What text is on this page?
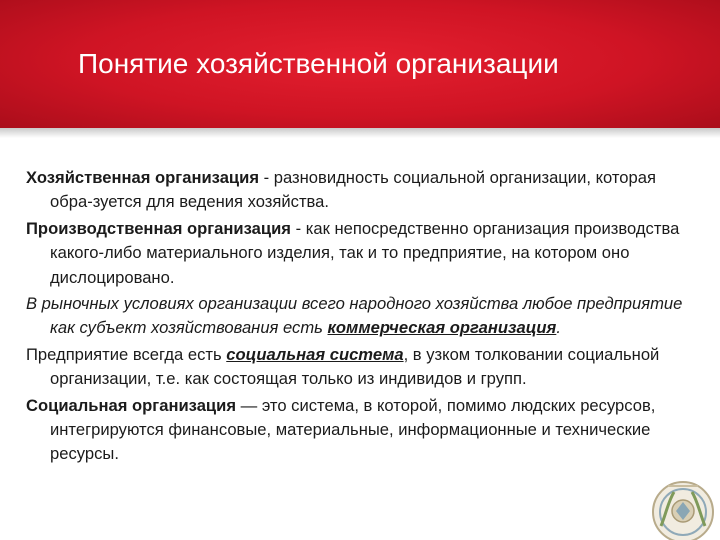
Понятие хозяйственной организации

Хозяйственная организация - разновидность социальной организации, которая обра-зуется для ведения хозяйства.

Производственная организация - как непосредственно организация производства какого-либо материального изделия, так и то предприятие, на котором оно дислоцировано.

В рыночных условиях организации всего народного хозяйства любое предприятие как субъект хозяйствования есть коммерческая организация.

Предприятие всегда есть социальная система, в узком толковании социальной организации, т.е. как состоящая только из индивидов и групп.

Социальная организация — это система, в которой, помимо людских ресурсов, интегрируются финансовые, материальные, информационные и технические ресурсы.
